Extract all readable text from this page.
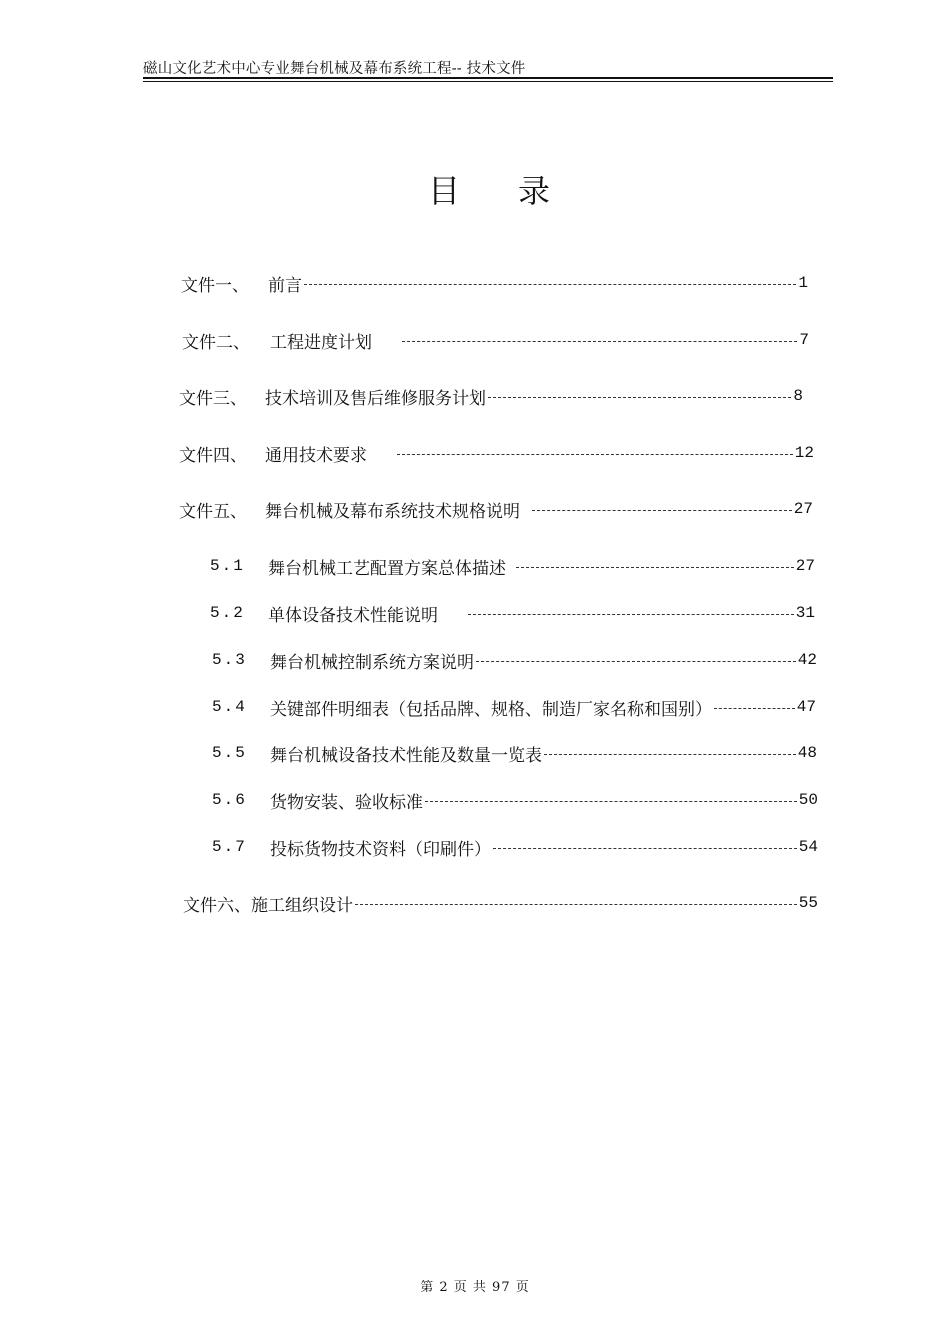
磁山文化艺术中心专业舞台机械及幕布系统工程-- 技术文件
目 录
文件一、	前言	1
文件二、	工程进度计划	7
文件三、	技术培训及售后维修服务计划	8
文件四、	通用技术要求	12
文件五、	舞台机械及幕布系统技术规格说明	27
5.1	舞台机械工艺配置方案总体描述	27
5.2	单体设备技术性能说明	31
5.3	舞台机械控制系统方案说明	42
5.4	关键部件明细表（包括品牌、规格、制造厂家名称和国别）	47
5.5	舞台机械设备技术性能及数量一览表	48
5.6	货物安装、验收标准	50
5.7	投标货物技术资料（印刷件）	54
文件六、 施工组织设计	55
第 2 页 共 97 页
